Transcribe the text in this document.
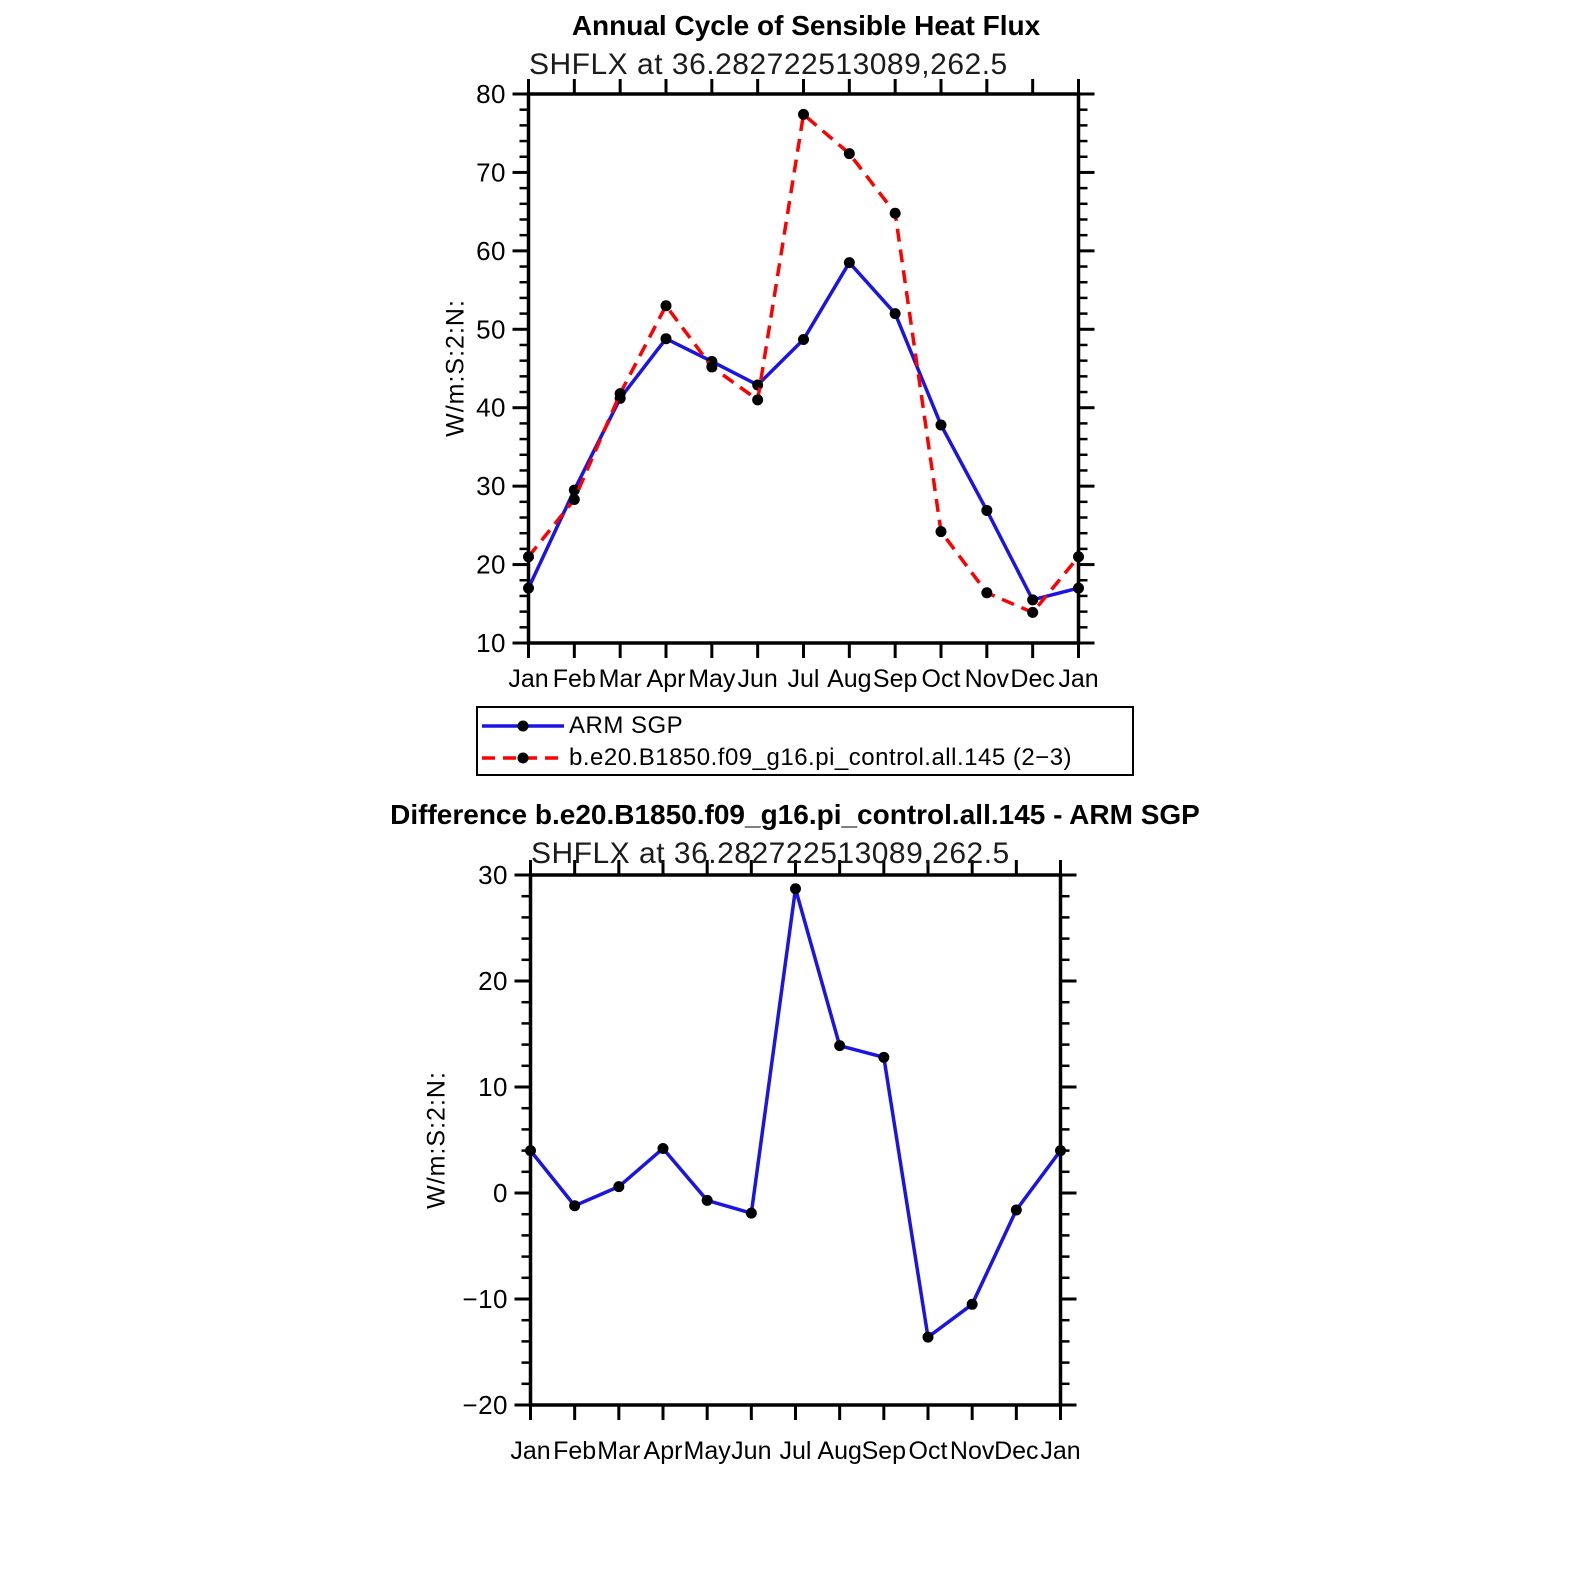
10
20
30
40
50
60
70
80
Jan Feb Mar Apr May Jun Jul Aug Sep Oct Nov Dec Jan
−20
−10
0
10
20
30
Jan Feb Mar Apr May Jun Jul Aug Sep Oct Nov Dec Jan
Annual Cycle of Sensible Heat Flux
SHFLX at 36.282722513089,262.5
W/m:S:2:N:
ARM SGP
b.e20.B1850.f09_g16.pi_control.all.145 (2−3)
Difference b.e20.B1850.f09_g16.pi_control.all.145 - ARM SGP
SHFLX at 36.282722513089,262.5
W/m:S:2:N:
